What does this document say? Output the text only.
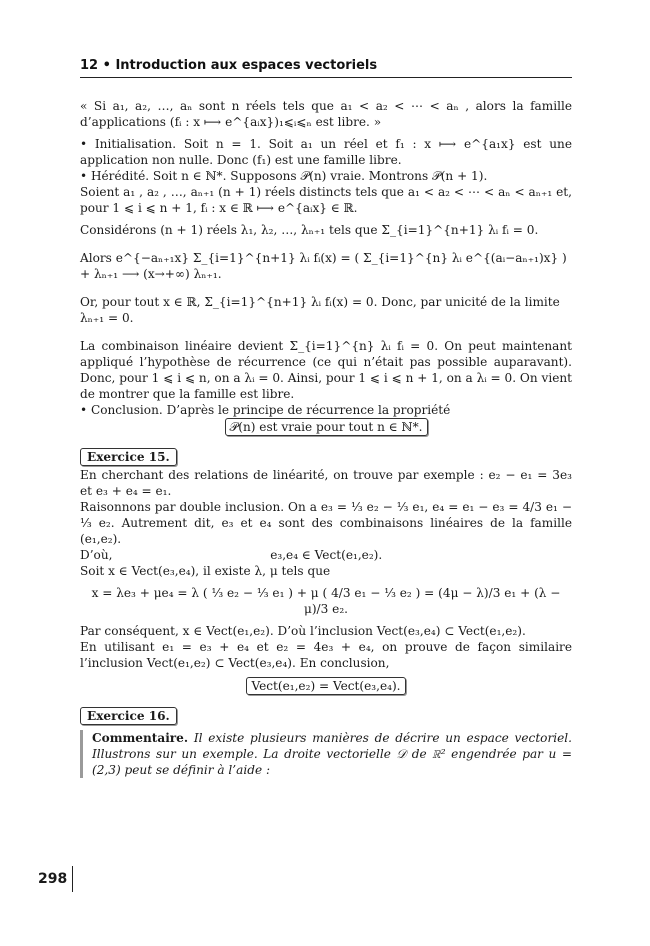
12 • Introduction aux espaces vectoriels

« Si a₁, a₂, …, aₙ sont n réels tels que a₁ < a₂ < ⋯ < aₙ , alors la famille d’applications (fᵢ : x ⟼ e^{aᵢx})₁⩽ᵢ⩽ₙ est libre. »

• Initialisation. Soit n = 1. Soit a₁ un réel et f₁ : x ⟼ e^{a₁x} est une application non nulle. Donc (f₁) est une famille libre.

• Hérédité. Soit n ∈ ℕ*. Supposons 𝒫(n) vraie. Montrons 𝒫(n + 1).

Soient a₁ , a₂ , …, aₙ₊₁ (n + 1) réels distincts tels que a₁ < a₂ < ⋯ < aₙ < aₙ₊₁ et, pour 1 ⩽ i ⩽ n + 1, fᵢ : x ∈ ℝ ⟼ e^{aᵢx} ∈ ℝ.

Considérons (n + 1) réels λ₁, λ₂, …, λₙ₊₁ tels que Σ_{i=1}^{n+1} λᵢ fᵢ = 0.

Alors e^{−aₙ₊₁x} Σ_{i=1}^{n+1} λᵢ fᵢ(x) = ( Σ_{i=1}^{n} λᵢ e^{(aᵢ−aₙ₊₁)x} ) + λₙ₊₁ ⟶ (x→+∞) λₙ₊₁.

Or, pour tout x ∈ ℝ, Σ_{i=1}^{n+1} λᵢ fᵢ(x) = 0. Donc, par unicité de la limite λₙ₊₁ = 0.

La combinaison linéaire devient Σ_{i=1}^{n} λᵢ fᵢ = 0. On peut maintenant appliqué l’hypothèse de récurrence (ce qui n’était pas possible auparavant). Donc, pour 1 ⩽ i ⩽ n, on a λᵢ = 0. Ainsi, pour 1 ⩽ i ⩽ n + 1, on a λᵢ = 0. On vient de montrer que la famille est libre.

• Conclusion. D’après le principe de récurrence la propriété

𝒫(n) est vraie pour tout n ∈ ℕ*.

Exercice 15.

En cherchant des relations de linéarité, on trouve par exemple : e₂ − e₁ = 3e₃ et e₃ + e₄ = e₁.

Raisonnons par double inclusion. On a e₃ = ⅓ e₂ − ⅓ e₁, e₄ = e₁ − e₃ = 4/3 e₁ − ⅓ e₂. Autrement dit, e₃ et e₄ sont des combinaisons linéaires de la famille (e₁,e₂).

D’où,	e₃,e₄ ∈ Vect(e₁,e₂).

Soit x ∈ Vect(e₃,e₄), il existe λ, μ tels que

x = λe₃ + μe₄ = λ ( ⅓ e₂ − ⅓ e₁ ) + μ ( 4/3 e₁ − ⅓ e₂ ) = (4μ − λ)/3 e₁ + (λ − μ)/3 e₂.

Par conséquent, x ∈ Vect(e₁,e₂). D’où l’inclusion Vect(e₃,e₄) ⊂ Vect(e₁,e₂).

En utilisant e₁ = e₃ + e₄ et e₂ = 4e₃ + e₄, on prouve de façon similaire l’inclusion Vect(e₁,e₂) ⊂ Vect(e₃,e₄). En conclusion,

Vect(e₁,e₂) = Vect(e₃,e₄).

Exercice 16.
Commentaire. Il existe plusieurs manières de décrire un espace vectoriel. Illustrons sur un exemple. La droite vectorielle 𝒟 de ℝ² engendrée par u = (2,3) peut se définir à l’aide :
298
